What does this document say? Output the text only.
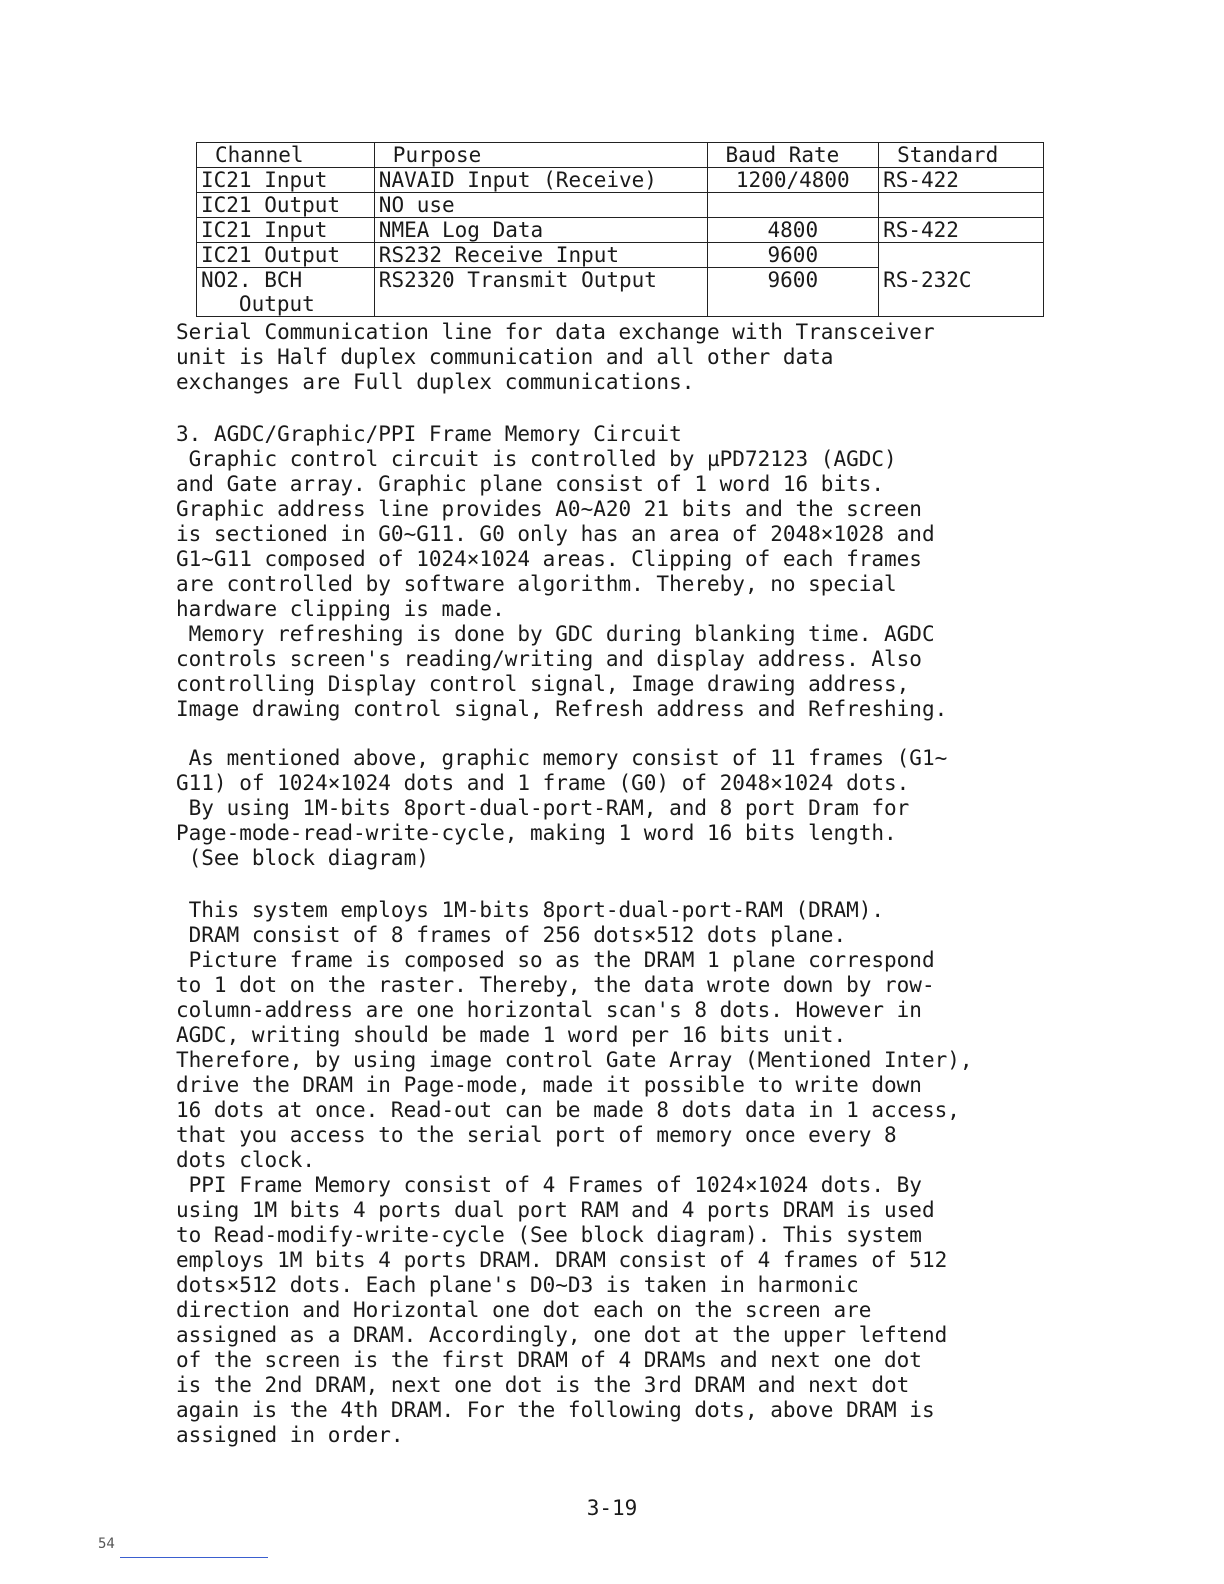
Channel	Purpose	Baud Rate	Standard
IC21 Input	NAVAID Input (Receive)	1200/4800	RS-422
IC21 Output	NO use		
IC21 Input	NMEA Log Data	4800	RS-422
IC21 Output	RS232 Receive Input	9600	RS-232C
NO2. BCH
Output	RS2320 Transmit Output	9600	
Serial Communication line for data exchange with Transceiver
unit is Half duplex communication and all other data
exchanges are Full duplex communications.
3. AGDC/Graphic/PPI Frame Memory Circuit
Graphic control circuit is controlled by µPD72123 (AGDC)
and Gate array. Graphic plane consist of 1 word 16 bits.
Graphic address line provides A0~A20 21 bits and the screen
is sectioned in G0~G11. G0 only has an area of 2048×1028 and
G1~G11 composed of 1024×1024 areas. Clipping of each frames
are controlled by software algorithm. Thereby, no special
hardware clipping is made.
Memory refreshing is done by GDC during blanking time. AGDC
controls screen's reading/writing and display address. Also
controlling Display control signal, Image drawing address,
Image drawing control signal, Refresh address and Refreshing.
As mentioned above, graphic memory consist of 11 frames (G1~
G11) of 1024×1024 dots and 1 frame (G0) of 2048×1024 dots.
By using 1M-bits 8port-dual-port-RAM, and 8 port Dram for
Page-mode-read-write-cycle, making 1 word 16 bits length.
(See block diagram)
This system employs 1M-bits 8port-dual-port-RAM (DRAM).
DRAM consist of 8 frames of 256 dots×512 dots plane.
Picture frame is composed so as the DRAM 1 plane correspond
to 1 dot on the raster. Thereby, the data wrote down by row-
column-address are one horizontal scan's 8 dots. However in
AGDC, writing should be made 1 word per 16 bits unit.
Therefore, by using image control Gate Array (Mentioned Inter),
drive the DRAM in Page-mode, made it possible to write down
16 dots at once. Read-out can be made 8 dots data in 1 access,
that you access to the serial port of memory once every 8
dots clock.
PPI Frame Memory consist of 4 Frames of 1024×1024 dots. By
using 1M bits 4 ports dual port RAM and 4 ports DRAM is used
to Read-modify-write-cycle (See block diagram). This system
employs 1M bits 4 ports DRAM. DRAM consist of 4 frames of 512
dots×512 dots. Each plane's D0~D3 is taken in harmonic
direction and Horizontal one dot each on the screen are
assigned as a DRAM. Accordingly, one dot at the upper leftend
of the screen is the first DRAM of 4 DRAMs and next one dot
is the 2nd DRAM, next one dot is the 3rd DRAM and next dot
again is the 4th DRAM. For the following dots, above DRAM is
assigned in order.
3-19
54
